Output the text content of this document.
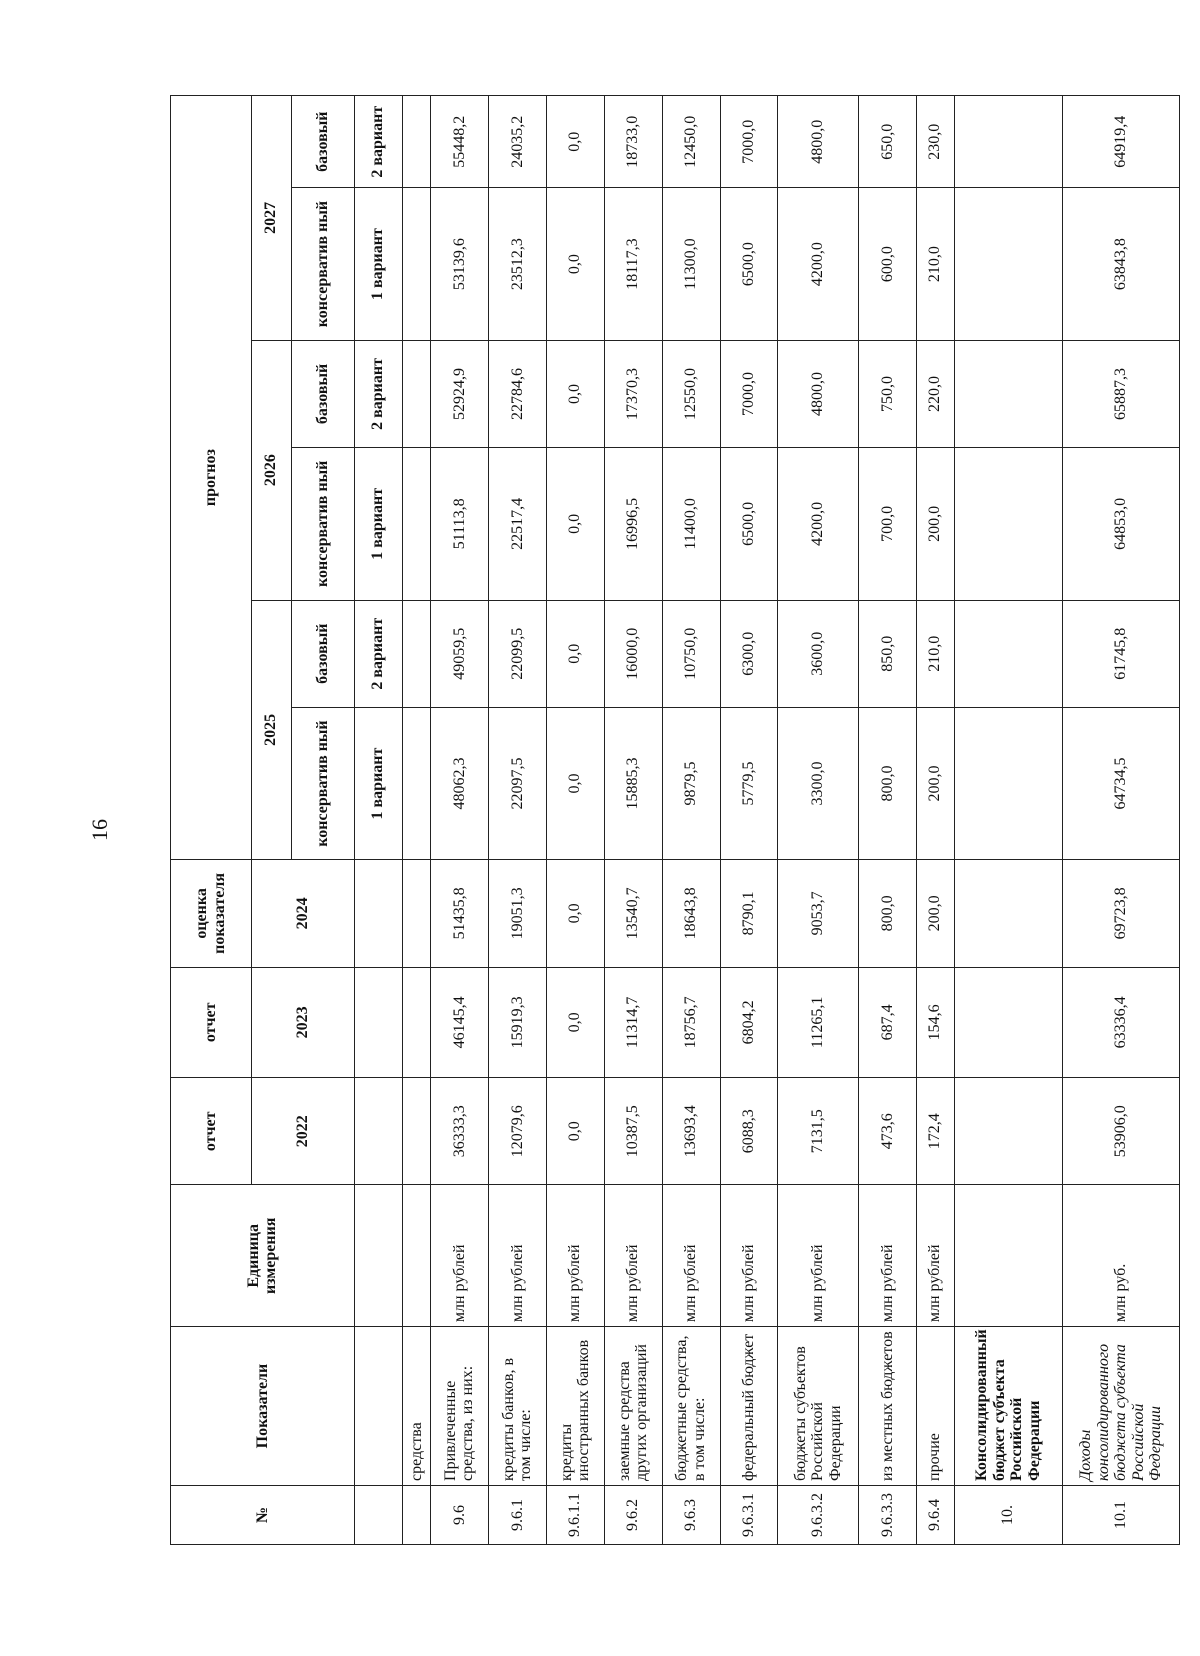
16
№	Показатели	Единица измерения	отчет	отчет	оценка показателя	прогноз					
			2022	2023	2024	2025		2026		2027	
						консерватив ный	базовый	консерватив ный	базовый	консерватив ный	базовый
						1 вариант	2 вариант	1 вариант	2 вариант	1 вариант	2 вариант
	средства										
9.6	Привлеченные средства, из них:	млн рублей	36333,3	46145,4	51435,8	48062,3	49059,5	51113,8	52924,9	53139,6	55448,2
9.6.1	кредиты банков, в том числе:	млн рублей	12079,6	15919,3	19051,3	22097,5	22099,5	22517,4	22784,6	23512,3	24035,2
9.6.1.1	кредиты иностранных банков	млн рублей	0,0	0,0	0,0	0,0	0,0	0,0	0,0	0,0	0,0
9.6.2	заемные средства других организаций	млн рублей	10387,5	11314,7	13540,7	15885,3	16000,0	16996,5	17370,3	18117,3	18733,0
9.6.3	бюджетные средства, в том числе:	млн рублей	13693,4	18756,7	18643,8	9879,5	10750,0	11400,0	12550,0	11300,0	12450,0
9.6.3.1	федеральный бюджет	млн рублей	6088,3	6804,2	8790,1	5779,5	6300,0	6500,0	7000,0	6500,0	7000,0
9.6.3.2	бюджеты субъектов Российской Федерации	млн рублей	7131,5	11265,1	9053,7	3300,0	3600,0	4200,0	4800,0	4200,0	4800,0
9.6.3.3	из местных бюджетов	млн рублей	473,6	687,4	800,0	800,0	850,0	700,0	750,0	600,0	650,0
9.6.4	прочие	млн рублей	172,4	154,6	200,0	200,0	210,0	200,0	220,0	210,0	230,0
10.	Консолидированный бюджет субъекта Российской Федерации										
10.1	Доходы консолидированного бюджета субъекта Российской Федерации	млн руб.	53906,0	63336,4	69723,8	64734,5	61745,8	64853,0	65887,3	63843,8	64919,4
